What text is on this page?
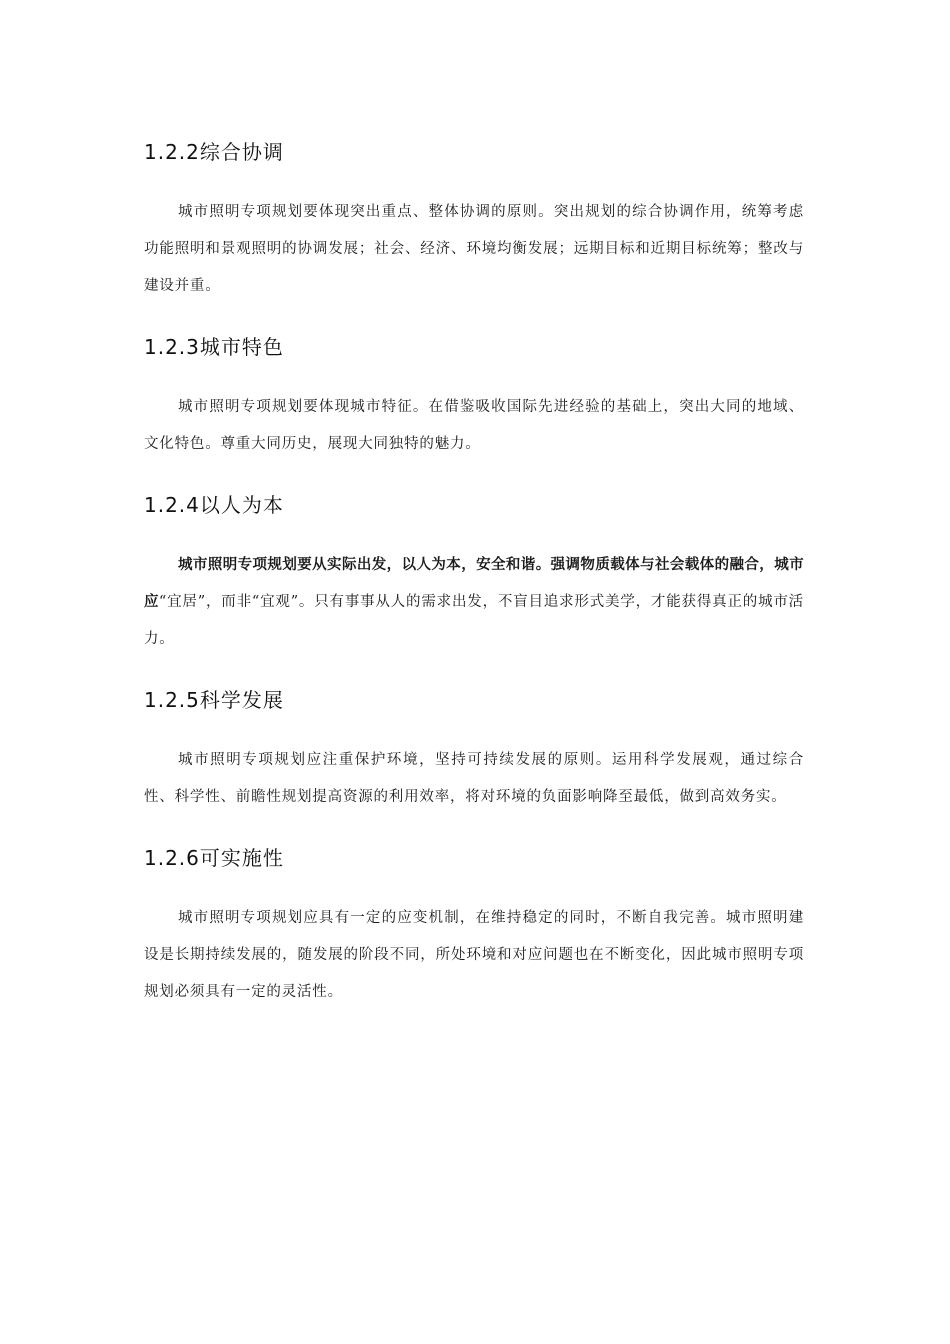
1.2.2综合协调

城市照明专项规划要体现突出重点、整体协调的原则。突出规划的综合协调作用，统筹考虑功能照明和景观照明的协调发展；社会、经济、环境均衡发展；远期目标和近期目标统筹；整改与建设并重。

1.2.3城市特色

城市照明专项规划要体现城市特征。在借鉴吸收国际先进经验的基础上，突出大同的地域、文化特色。尊重大同历史，展现大同独特的魅力。

1.2.4以人为本

城市照明专项规划要从实际出发，以人为本，安全和谐。强调物质载体与社会载体的融合，城市应“宜居”，而非“宜观”。只有事事从人的需求出发，不盲目追求形式美学，才能获得真正的城市活力。

1.2.5科学发展

城市照明专项规划应注重保护环境，坚持可持续发展的原则。运用科学发展观，通过综合性、科学性、前瞻性规划提高资源的利用效率，将对环境的负面影响降至最低，做到高效务实。

1.2.6可实施性

城市照明专项规划应具有一定的应变机制，在维持稳定的同时，不断自我完善。城市照明建设是长期持续发展的，随发展的阶段不同，所处环境和对应问题也在不断变化，因此城市照明专项规划必须具有一定的灵活性。
